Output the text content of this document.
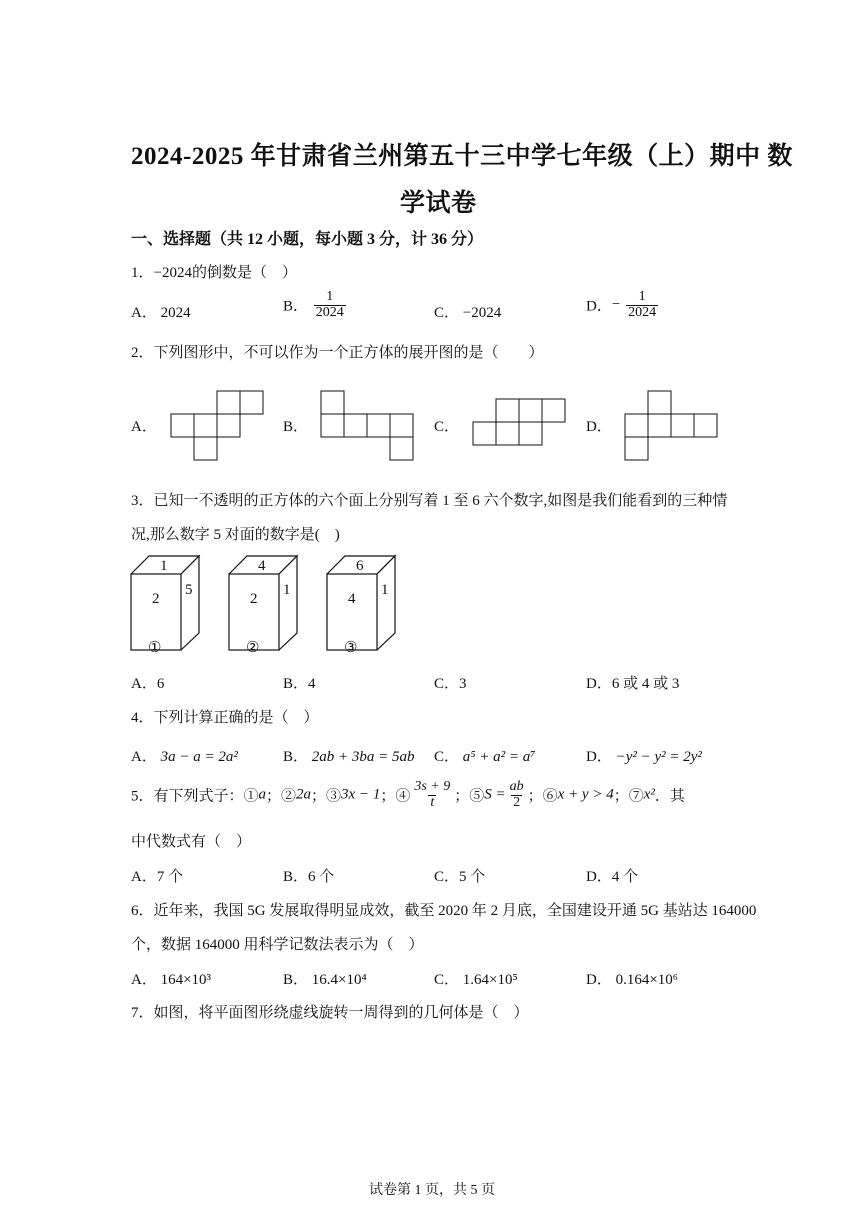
2024-2025 年甘肃省兰州第五十三中学七年级（上）期中 数
学试卷
一、选择题（共 12 小题，每小题 3 分，计 36 分）
1．−2024的倒数是（　）
A． 2024	B． $\frac{1}{2024}$	C． −2024	D．− $\frac{1}{2024}$
2．下列图形中，不可以作为一个正方体的展开图的是（　　）
A．	B．	C．	D．
3．已知一不透明的正方体的六个面上分别写着 1 至 6 六个数字,如图是我们能看到的三种情
况,那么数字 5 对面的数字是(　)
1
2
5
①
4
2
1
②
6
4
1
③
A．6	B．4	C．3	D．6 或 4 或 3
4．下列计算正确的是（　）
A． 3a − a = 2a²	B． 2ab + 3ba = 5ab C． a⁵ + a² = a⁷	D． −y² − y² = 2y²
5．有下列式子：①a；②2a；③3x − 1；④ $\frac{3s + 9}{t}$ ；⑤S = $\frac{ab}{2}$ ；⑥x + y > 4；⑦x²．其
中代数式有（　）
A．7 个	B．6 个	C．5 个	D．4 个
6．近年来，我国 5G 发展取得明显成效，截至 2020 年 2 月底，全国建设开通 5G 基站达 164000
个，数据 164000 用科学记数法表示为（　）
A． 164×10³	B． 16.4×10⁴	C． 1.64×10⁵	D． 0.164×10⁶
7．如图，将平面图形绕虚线旋转一周得到的几何体是（　）
试卷第 1 页，共 5 页
